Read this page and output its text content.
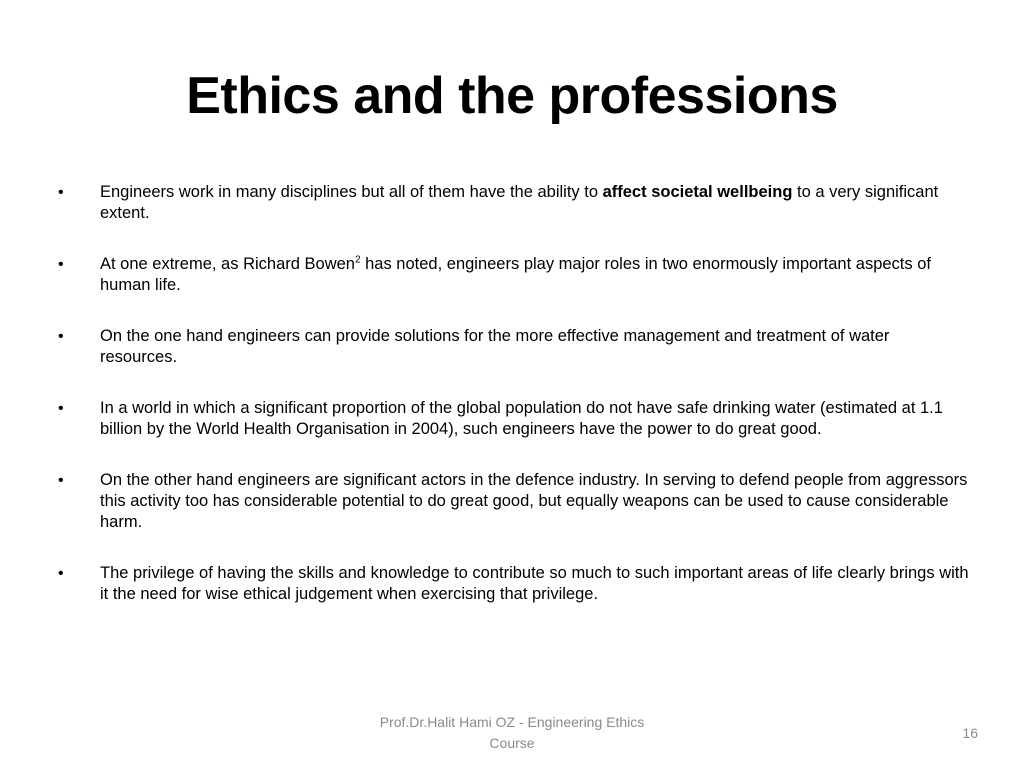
Ethics and the professions
• Engineers work in many disciplines but all of them have the ability to affect societal wellbeing to a very significant extent.
• At one extreme, as Richard Bowen$^2$ has noted, engineers play major roles in two enormously important aspects of human life.
• On the one hand engineers can provide solutions for the more effective management and treatment of water resources.
• In a world in which a significant proportion of the global population do not have safe drinking water (estimated at 1.1 billion by the World Health Organisation in 2004), such engineers have the power to do great good.
• On the other hand engineers are significant actors in the defence industry. In serving to defend people from aggressors this activity too has considerable potential to do great good, but equally weapons can be used to cause considerable harm.
• The privilege of having the skills and knowledge to contribute so much to such important areas of life clearly brings with it the need for wise ethical judgement when exercising that privilege.
Prof.Dr.Halit Hami OZ - Engineering Ethics Course
16
